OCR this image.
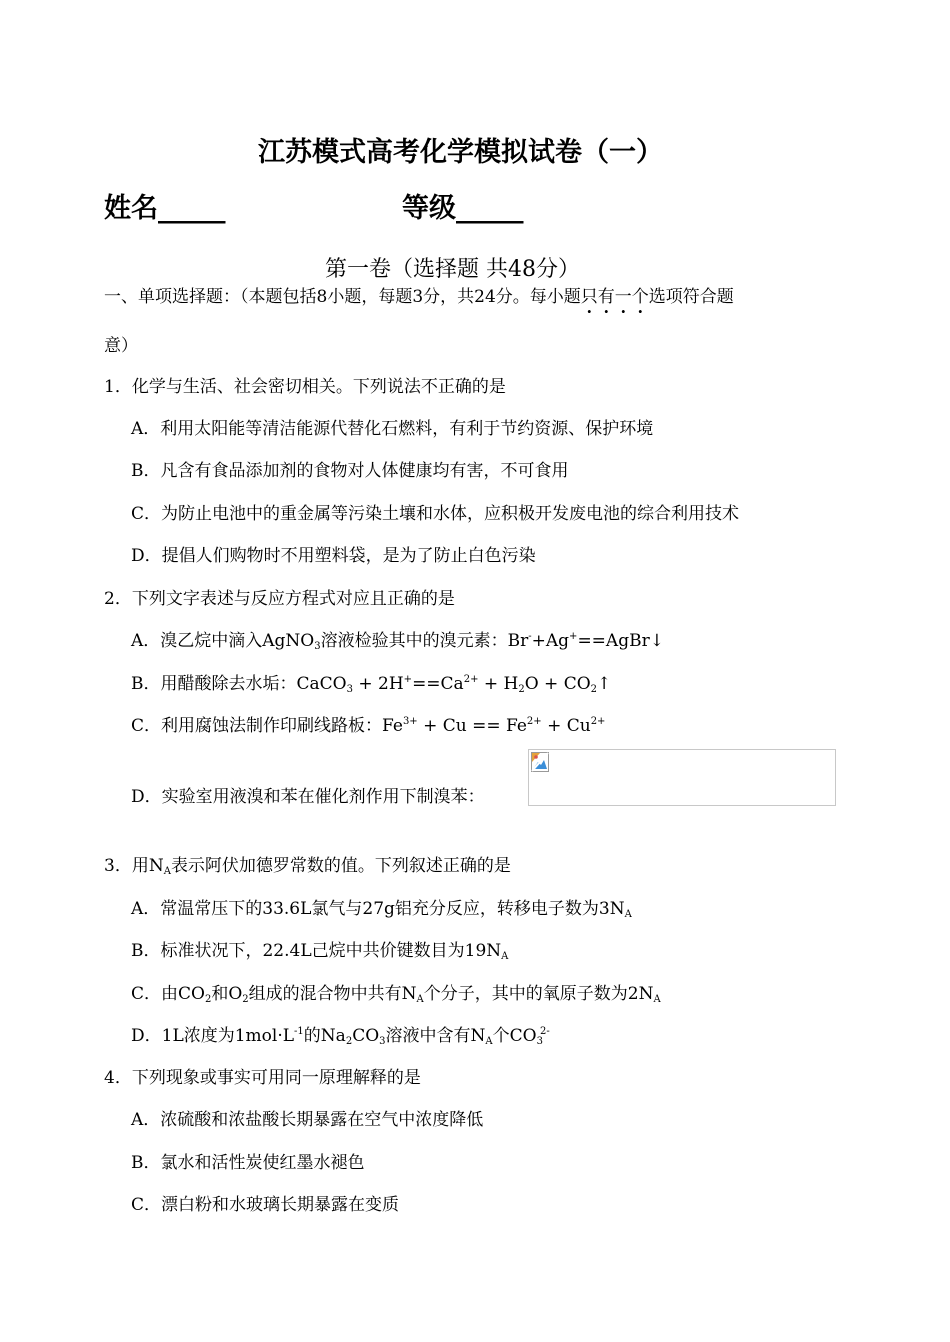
江苏模式高考化学模拟试卷（一）
姓名_____	等级_____
第一卷（选择题 共48分）
一、单项选择题：（本题包括8小题，每题3分，共24分。每小题只有一个选项符合题
意）
1．化学与生活、社会密切相关。下列说法不正确的是
A．利用太阳能等清洁能源代替化石燃料，有利于节约资源、保护环境
B．凡含有食品添加剂的食物对人体健康均有害，不可食用
C．为防止电池中的重金属等污染土壤和水体，应积极开发废电池的综合利用技术
D．提倡人们购物时不用塑料袋，是为了防止白色污染
2．下列文字表述与反应方程式对应且正确的是
A．溴乙烷中滴入AgNO$_3$溶液检验其中的溴元素：Br-+Ag+==AgBr↓
B．用醋酸除去水垢：CaCO$_3$ + $2H^+==Ca^{2+} + H_2O$ + $CO_2↑$
C．利用腐蚀法制作印刷线路板：$Fe^{3+} + Cu == Fe^{2+} + Cu^{2+}$
D．实验室用液溴和苯在催化剂作用下制溴苯：
3．用$N_A$表示阿伏加德罗常数的值。下列叙述正确的是
A．常温常压下的33.6L氯气与27g铝充分反应，转移电子数为$3N_A$
B．标准状况下，22.4L己烷中共价键数目为$19N_A$
C．由$CO_2$和$O_2$组成的混合物中共有$N_A$个分子，其中的氧原子数为$2N_A$
D．1L浓度为$1mol\cdot L^{-1}$的$Na_2CO_3$溶液中含有$N_A$个$CO_3^{2-}$
4．下列现象或事实可用同一原理解释的是
A．浓硫酸和浓盐酸长期暴露在空气中浓度降低
B．氯水和活性炭使红墨水褪色
C．漂白粉和水玻璃长期暴露在变质
